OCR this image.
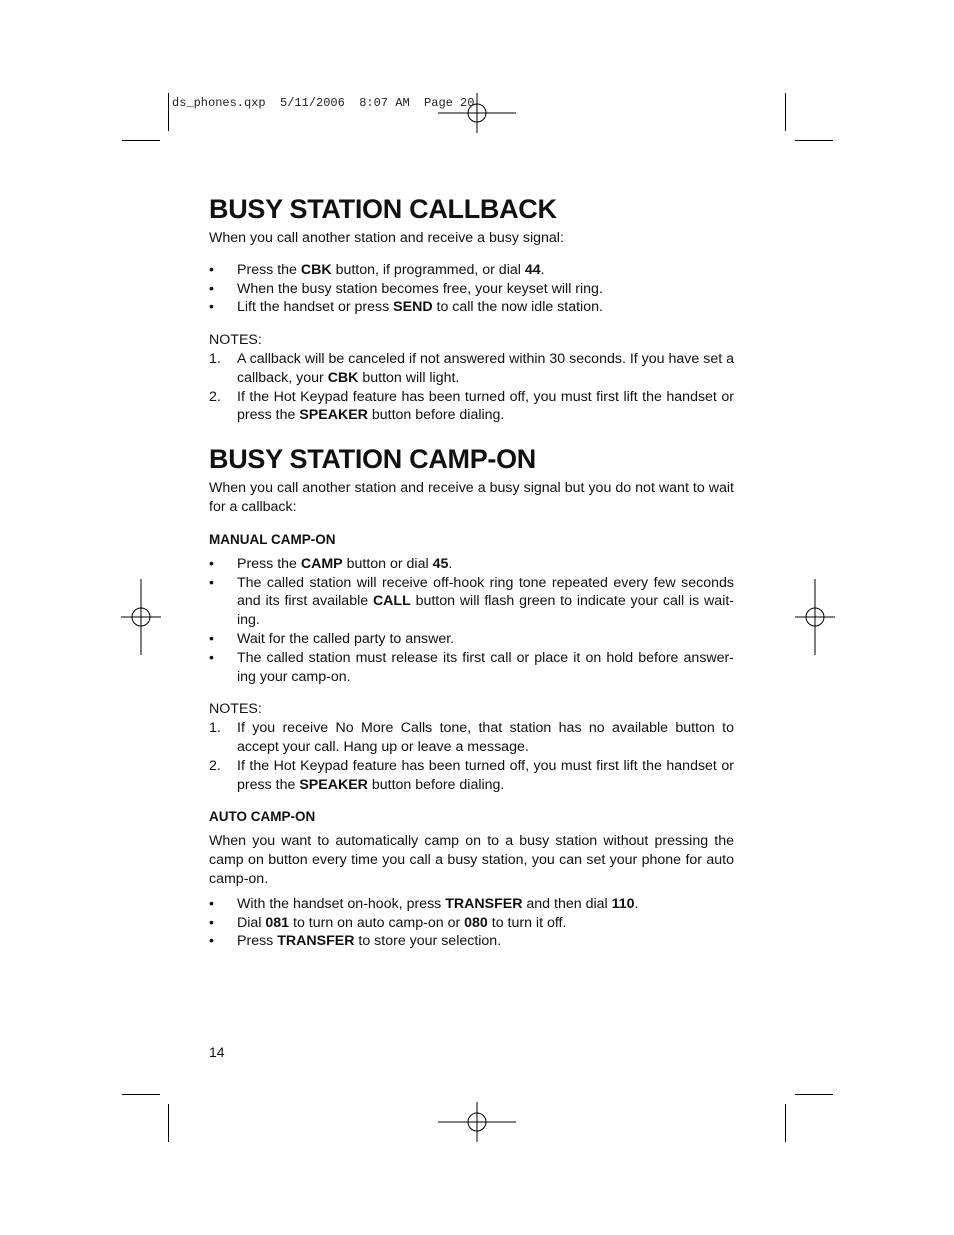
ds_phones.qxp  5/11/2006  8:07 AM  Page 20
BUSY STATION CALLBACK

When you call another station and receive a busy signal:

• Press the CBK button, if programmed, or dial 44.
• When the busy station becomes free, your keyset will ring.
• Lift the handset or press SEND to call the now idle station.

NOTES:

1. A callback will be canceled if not answered within 30 seconds. If you have set a callback, your CBK button will light.
2. If the Hot Keypad feature has been turned off, you must first lift the handset or press the SPEAKER button before dialing.
BUSY STATION CAMP-ON

When you call another station and receive a busy signal but you do not want to wait for a callback:

MANUAL CAMP-ON
• Press the CAMP button or dial 45.
• The called station will receive off-hook ring tone repeated every few seconds and its first available CALL button will flash green to indicate your call is wait-ing.
• Wait for the called party to answer.
• The called station must release its first call or place it on hold before answer-ing your camp-on.

NOTES:

1. If you receive No More Calls tone, that station has no available button to accept your call. Hang up or leave a message.
2. If the Hot Keypad feature has been turned off, you must first lift the handset or press the SPEAKER button before dialing.
AUTO CAMP-ON

When you want to automatically camp on to a busy station without pressing the camp on button every time you call a busy station, you can set your phone for auto camp-on.

• With the handset on-hook, press TRANSFER and then dial 110.
• Dial 081 to turn on auto camp-on or 080 to turn it off.
• Press TRANSFER to store your selection.
14
